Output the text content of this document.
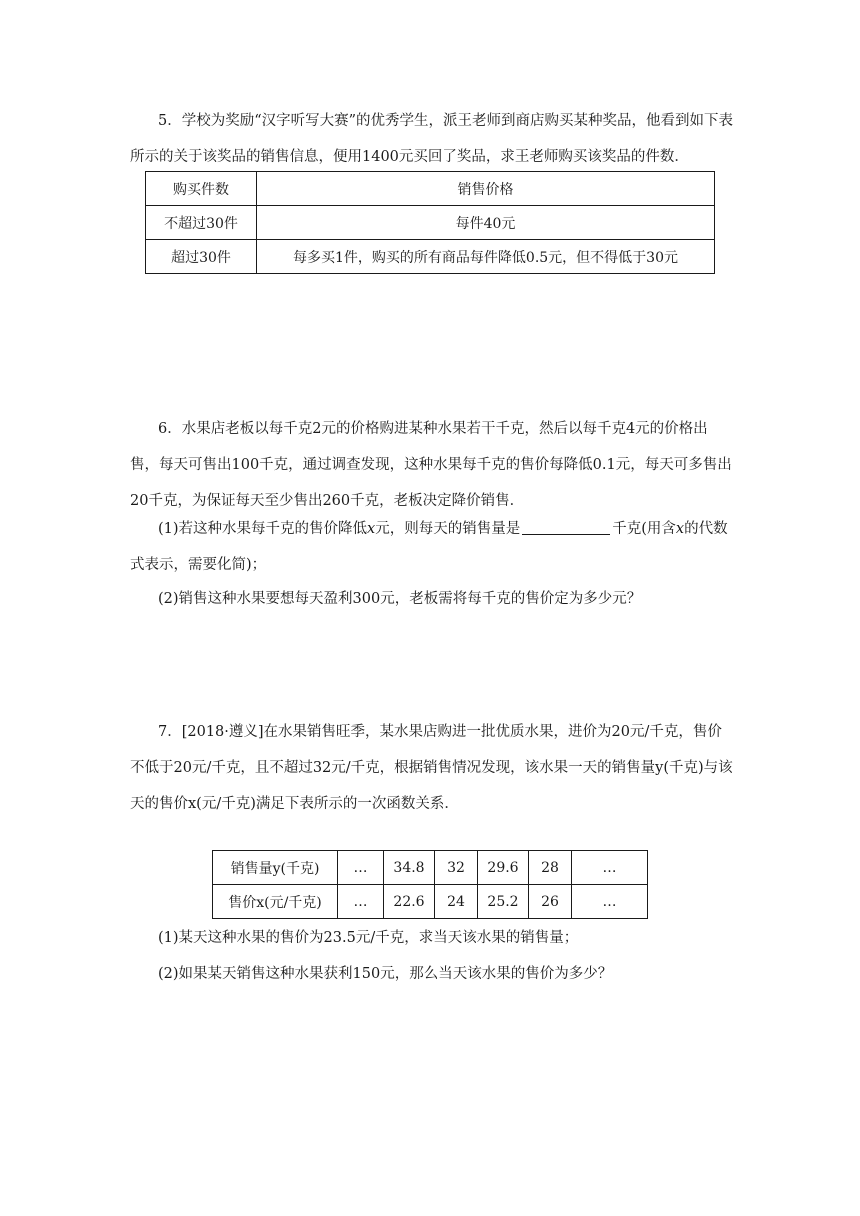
5．学校为奖励“汉字听写大赛”的优秀学生，派王老师到商店购买某种奖品，他看到如下表所示的关于该奖品的销售信息，便用1400元买回了奖品，求王老师购买该奖品的件数．

购买件数	销售价格
不超过30件	每件40元
超过30件	每多买1件，购买的所有商品每件降低0.5元，但不得低于30元

6．水果店老板以每千克2元的价格购进某种水果若干千克，然后以每千克4元的价格出售，每天可售出100千克，通过调查发现，这种水果每千克的售价每降低0.1元，每天可多售出20千克，为保证每天至少售出260千克，老板决定降价销售．

(1)若这种水果每千克的售价降低x元，则每天的销售量是	千克(用含x的代数式表示，需要化简)；

(2)销售这种水果要想每天盈利300元，老板需将每千克的售价定为多少元？

7．[2018·遵义]在水果销售旺季，某水果店购进一批优质水果，进价为20元/千克，售价不低于20元/千克，且不超过32元/千克，根据销售情况发现，该水果一天的销售量y(千克)与该天的售价x(元/千克)满足下表所示的一次函数关系．

销售量y(千克)	…	34.8	32	29.6	28	…
售价x(元/千克)	…	22.6	24	25.2	26	…

(1)某天这种水果的售价为23.5元/千克，求当天该水果的销售量；

(2)如果某天销售这种水果获利150元，那么当天该水果的售价为多少？
